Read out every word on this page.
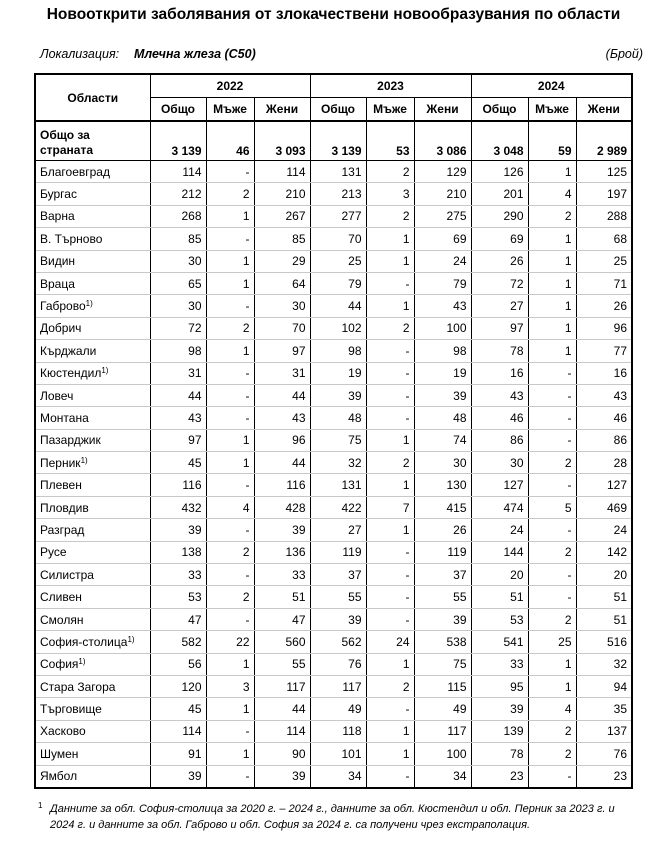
Новооткрити заболявания от злокачествени новообразувания по области
Локализация: Млечна жлеза (C50)	(Брой)
Области	2022			2023			2024		
	Общо	Мъже	Жени	Общо	Мъже	Жени	Общо	Мъже	Жени
Общо за страната	3 139	46	3 093	3 139	53	3 086	3 048	59	2 989
Благоевград	114	-	114	131	2	129	126	1	125
Бургас	212	2	210	213	3	210	201	4	197
Варна	268	1	267	277	2	275	290	2	288
В. Търново	85	-	85	70	1	69	69	1	68
Видин	30	1	29	25	1	24	26	1	25
Враца	65	1	64	79	-	79	72	1	71
Габрово$^{1)}$	30	-	30	44	1	43	27	1	26
Добрич	72	2	70	102	2	100	97	1	96
Кърджали	98	1	97	98	-	98	78	1	77
Кюстендил$^{1)}$	31	-	31	19	-	19	16	-	16
Ловеч	44	-	44	39	-	39	43	-	43
Монтана	43	-	43	48	-	48	46	-	46
Пазарджик	97	1	96	75	1	74	86	-	86
Перник$^{1)}$	45	1	44	32	2	30	30	2	28
Плевен	116	-	116	131	1	130	127	-	127
Пловдив	432	4	428	422	7	415	474	5	469
Разград	39	-	39	27	1	26	24	-	24
Русе	138	2	136	119	-	119	144	2	142
Силистра	33	-	33	37	-	37	20	-	20
Сливен	53	2	51	55	-	55	51	-	51
Смолян	47	-	47	39	-	39	53	2	51
София-столица$^{1)}$	582	22	560	562	24	538	541	25	516
София$^{1)}$	56	1	55	76	1	75	33	1	32
Стара Загора	120	3	117	117	2	115	95	1	94
Търговище	45	1	44	49	-	49	39	4	35
Хасково	114	-	114	118	1	117	139	2	137
Шумен	91	1	90	101	1	100	78	2	76
Ямбол	39	-	39	34	-	34	23	-	23
1 Данните за обл. София-столица за 2020 г. – 2024 г., данните за обл. Кюстендил и обл. Перник за 2023 г. и 2024 г. и данните за обл. Габрово и обл. София за 2024 г. са получени чрез екстраполация.
